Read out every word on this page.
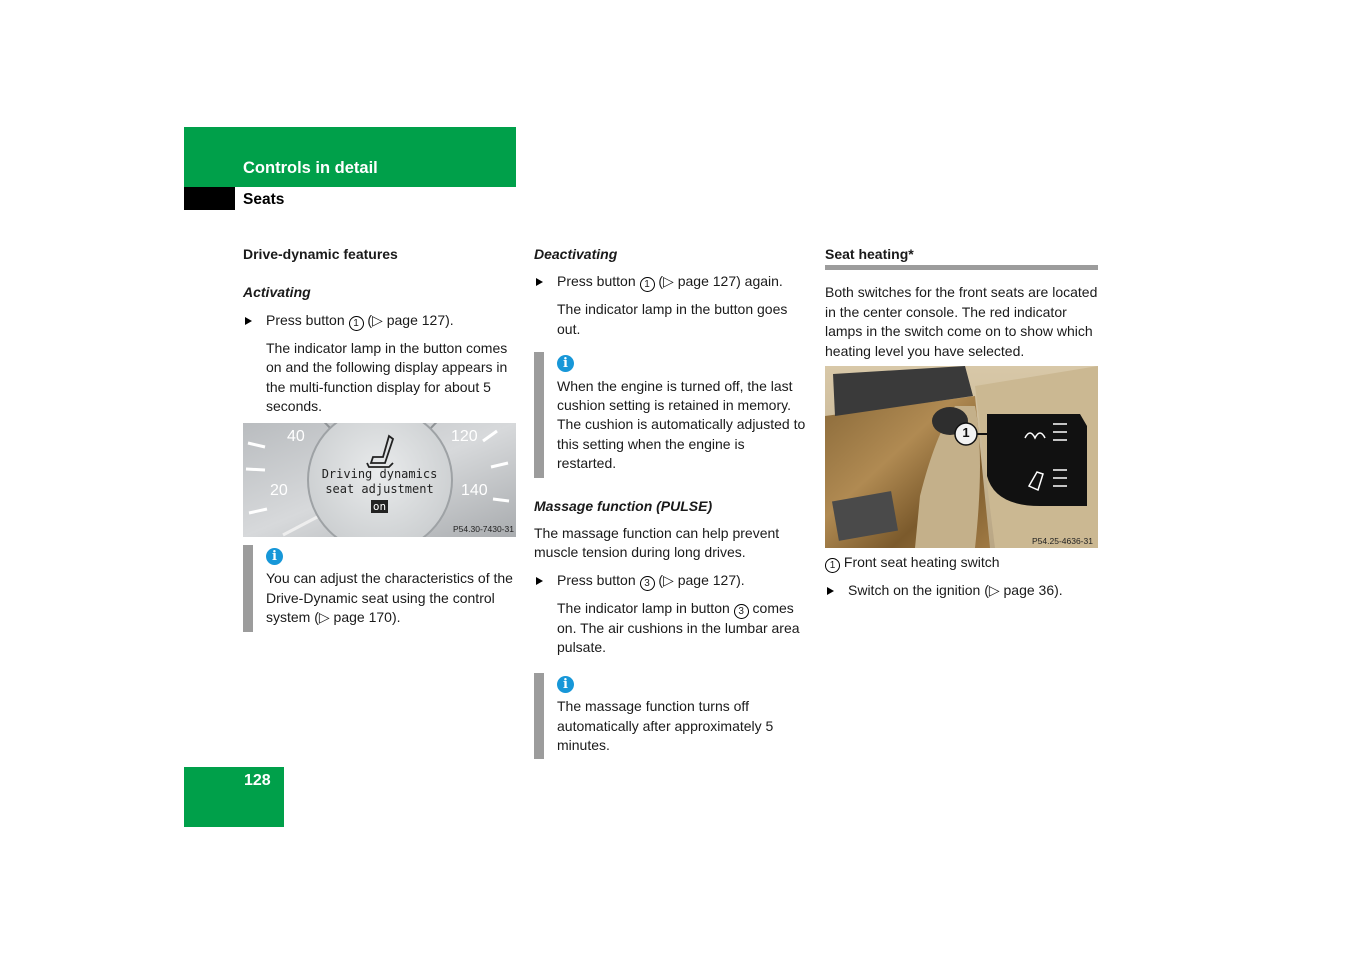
Controls in detail
Seats

Drive-dynamic features

Activating

Press button 1 (▷ page 127).

The indicator lamp in the button comes on and the following display appears in the multi-function display for about 5 seconds.

40
20
120
140
Driving dynamics
seat adjustment
on
P54.30-7430-31
i

You can adjust the characteristics of the Drive-Dynamic seat using the control system (▷ page 170).

Deactivating

Press button 1 (▷ page 127) again.

The indicator lamp in the button goes out.

i

When the engine is turned off, the last cushion setting is retained in memory. The cushion is automatically adjusted to this setting when the engine is restarted.

Massage function (PULSE)

The massage function can help prevent muscle tension during long drives.

Press button 3 (▷ page 127).
The indicator lamp in button 3 comes on. The air cushions in the lumbar area pulsate.
i

The massage function turns off automatically after approximately 5 minutes.

Seat heating*

Both switches for the front seats are located in the center console. The red indicator lamps in the switch come on to show which heating level you have selected.

1
P54.25-4636-31
1 Front seat heating switch
Switch on the ignition (▷ page 36).
128
